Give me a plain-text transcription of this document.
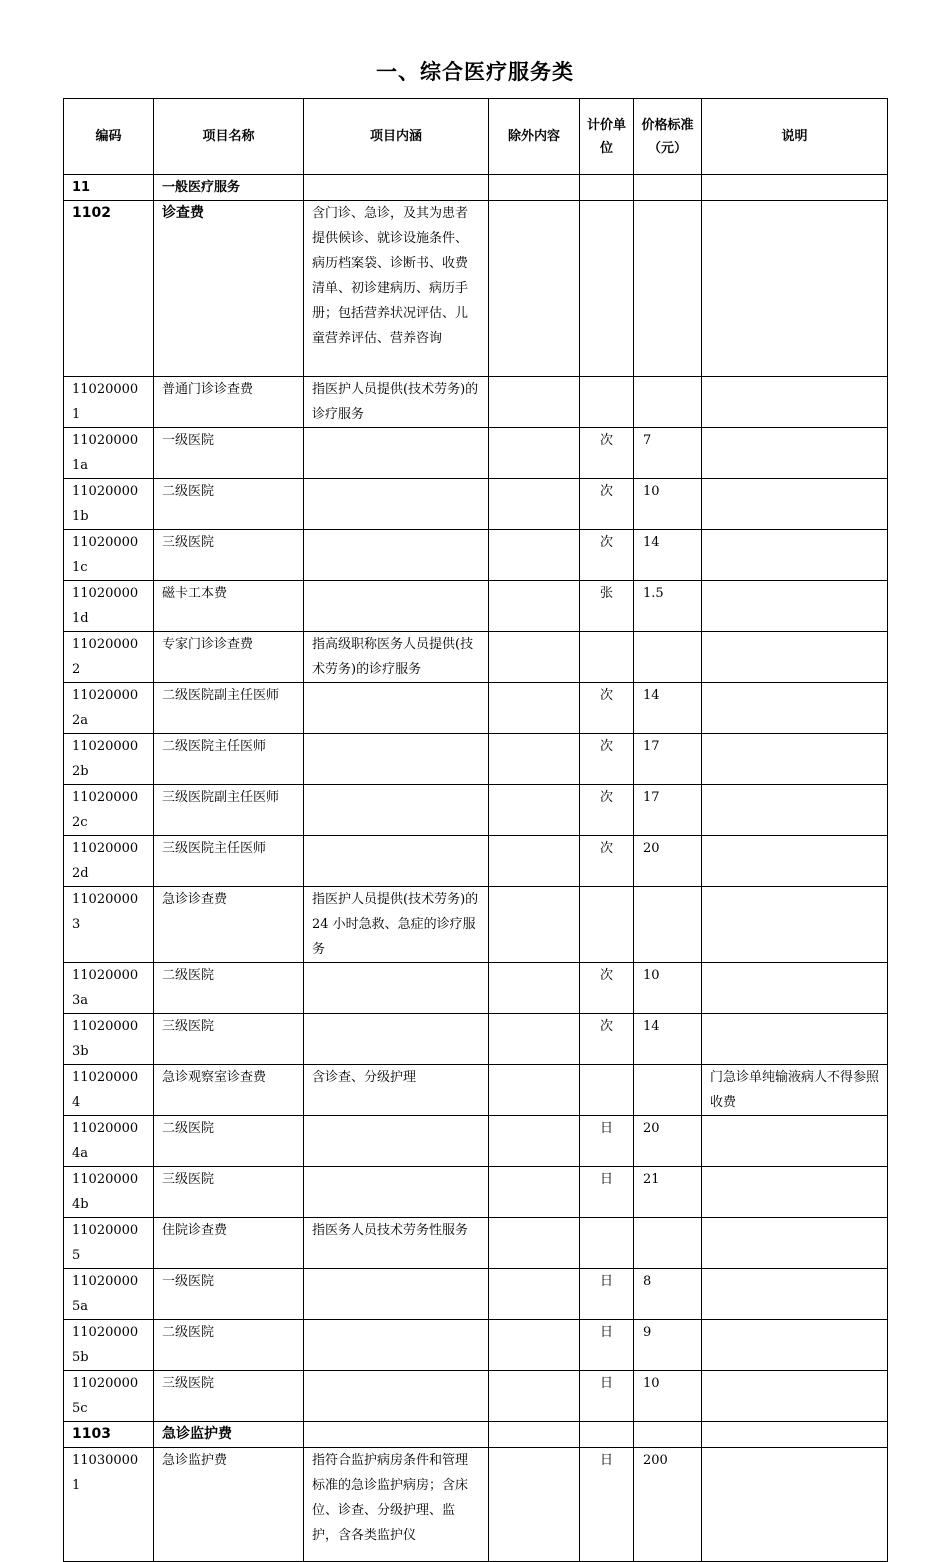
一、综合医疗服务类
编码	项目名称	项目内涵	除外内容	计价单位	价格标准（元）	说明
11	一般医疗服务					
1102	诊查费	含门诊、急诊，及其为患者提供候诊、就诊设施条件、病历档案袋、诊断书、收费清单、初诊建病历、病历手册；包括营养状况评估、儿童营养评估、营养咨询				
110200001	普通门诊诊查费	指医护人员提供(技术劳务)的诊疗服务				
110200001a	一级医院			次	7	
110200001b	二级医院			次	10	
110200001c	三级医院			次	14	
110200001d	磁卡工本费			张	1.5	
110200002	专家门诊诊查费	指高级职称医务人员提供(技术劳务)的诊疗服务				
110200002a	二级医院副主任医师			次	14	
110200002b	二级医院主任医师			次	17	
110200002c	三级医院副主任医师			次	17	
110200002d	三级医院主任医师			次	20	
110200003	急诊诊查费	指医护人员提供(技术劳务)的 24 小时急救、急症的诊疗服务				
110200003a	二级医院			次	10	
110200003b	三级医院			次	14	
110200004	急诊观察室诊查费	含诊查、分级护理				门急诊单纯输液病人不得参照收费
110200004a	二级医院			日	20	
110200004b	三级医院			日	21	
110200005	住院诊查费	指医务人员技术劳务性服务				
110200005a	一级医院			日	8	
110200005b	二级医院			日	9	
110200005c	三级医院			日	10	
1103	急诊监护费					
110300001	急诊监护费	指符合监护病房条件和管理标准的急诊监护病房；含床位、诊查、分级护理、监护，含各类监护仪		日	200	
